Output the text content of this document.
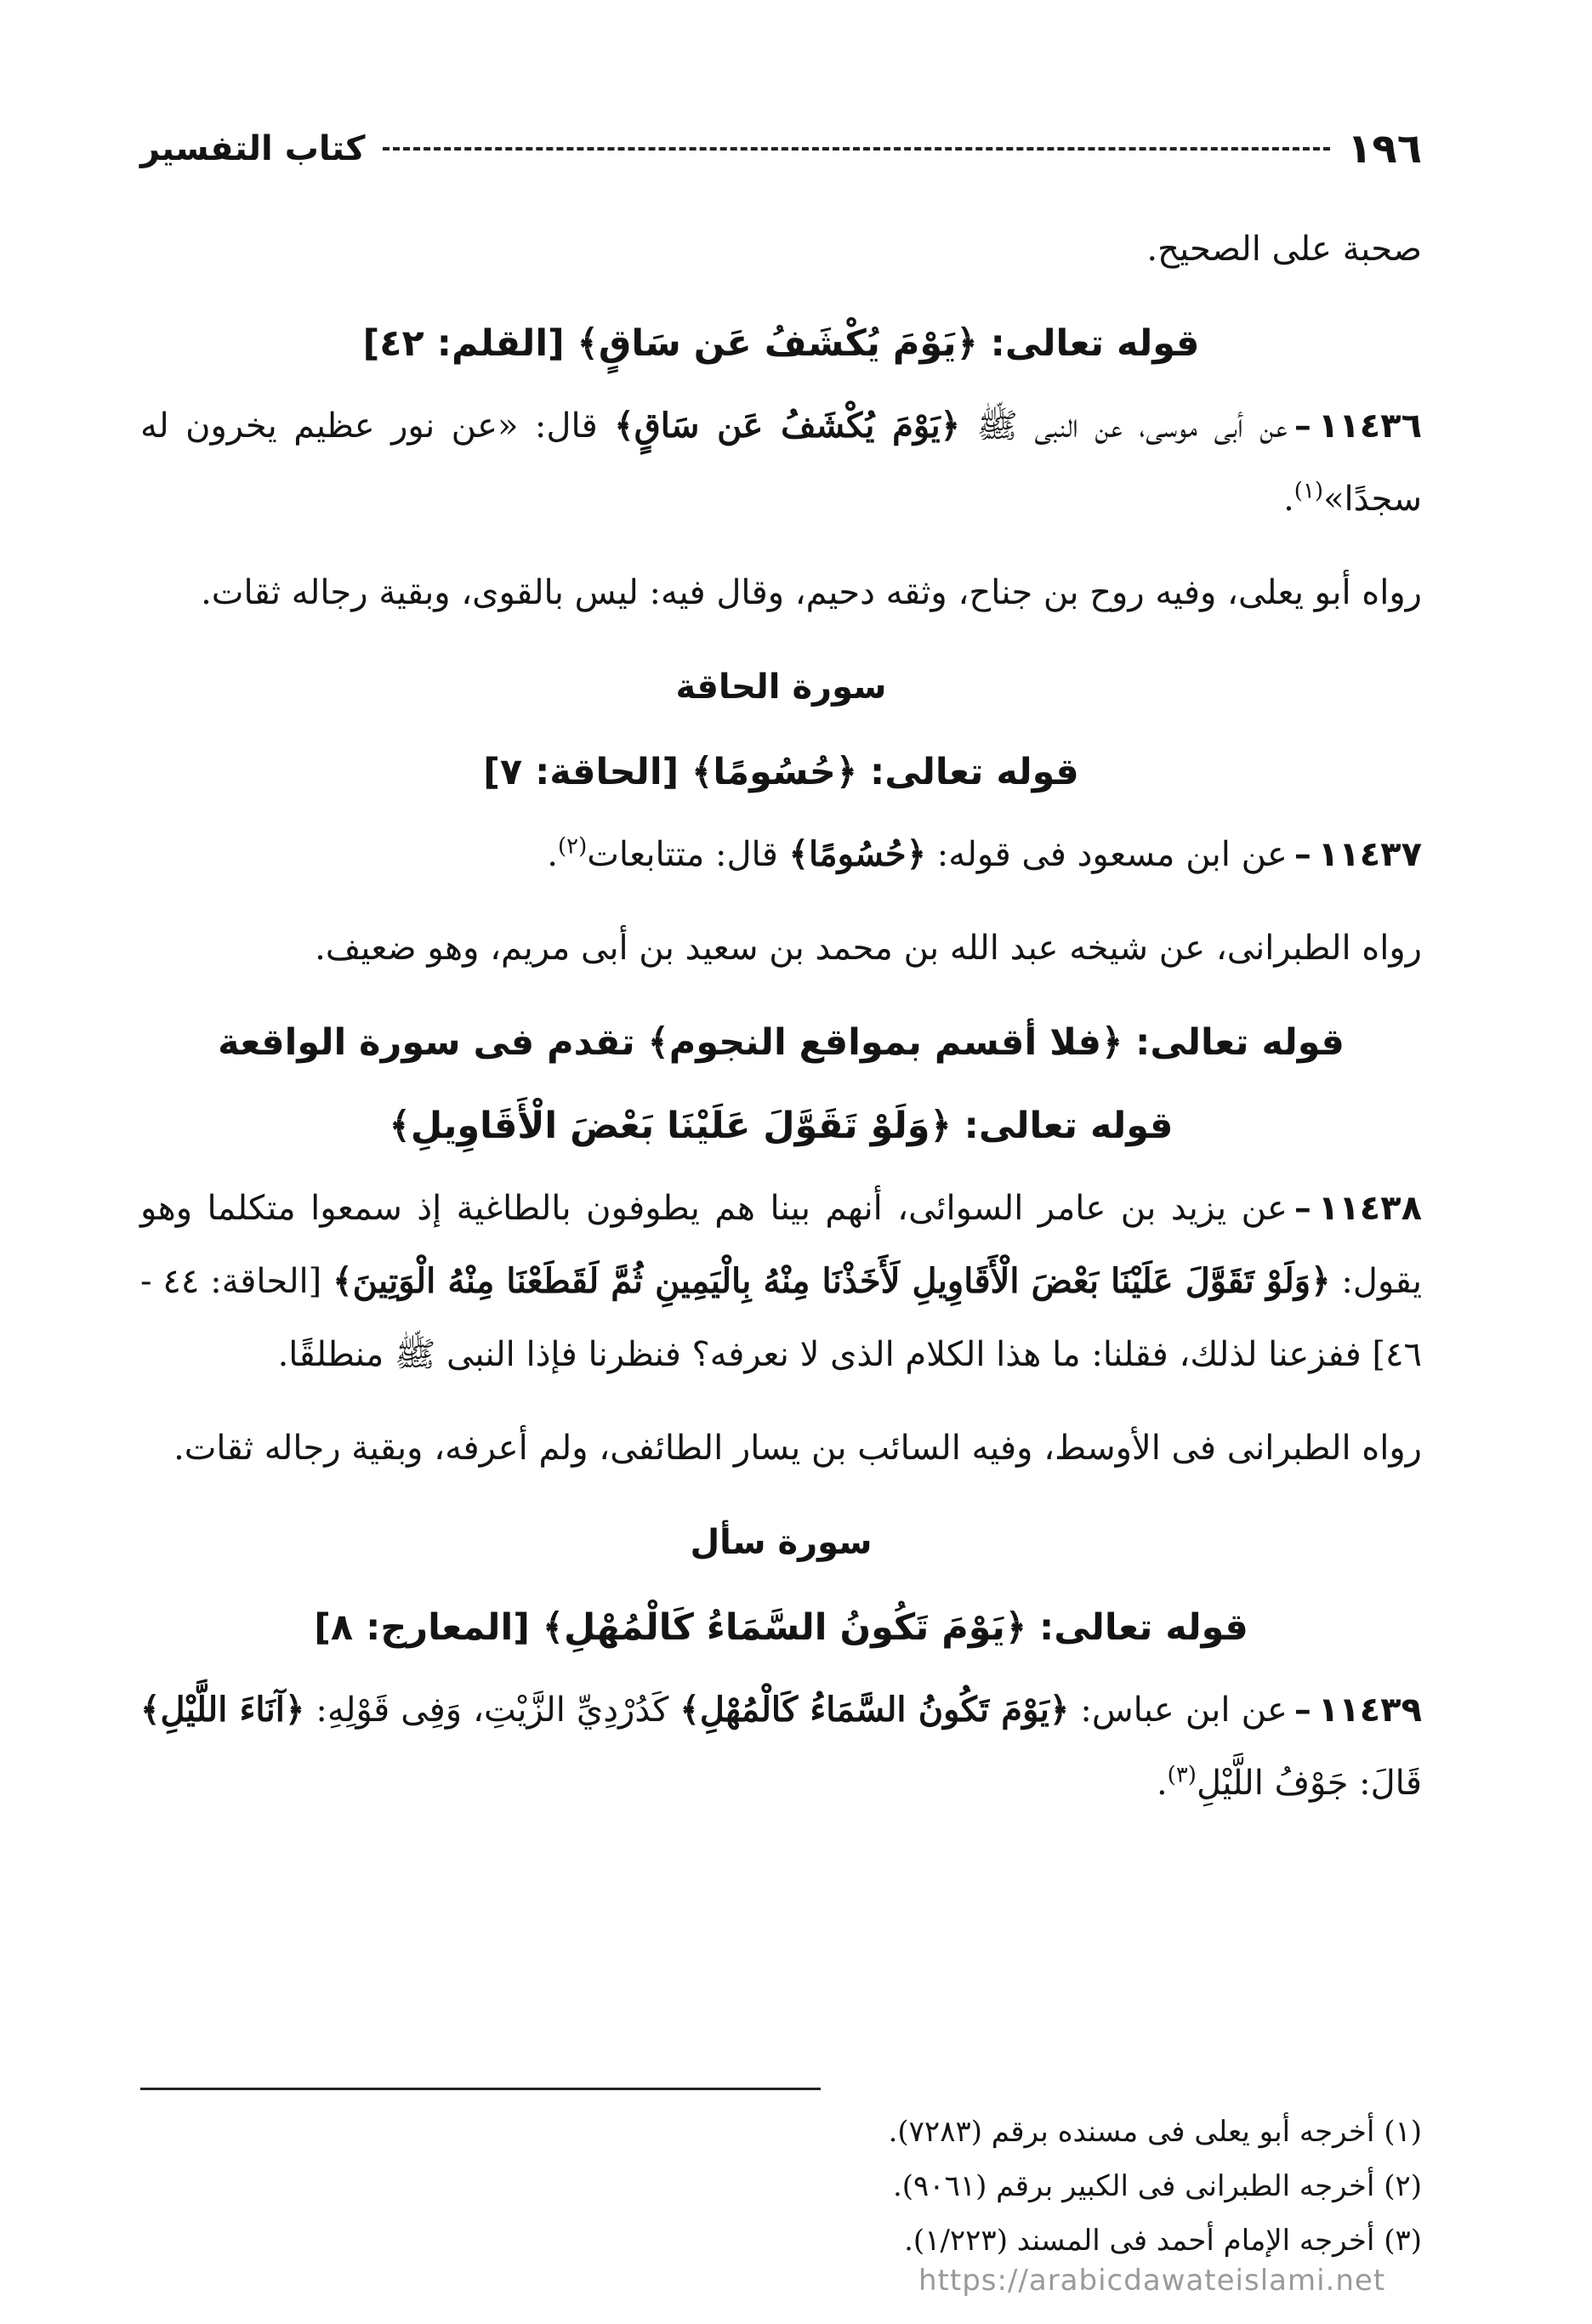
١٩٦
كتاب التفسير

صحبة على الصحيح.

قوله تعالى: ﴿يَوْمَ يُكْشَفُ عَن سَاقٍ﴾ [القلم: ٤٢]

١١٤٣٦–عن أبى موسى، عن النبى ﷺ ﴿يَوْمَ يُكْشَفُ عَن سَاقٍ﴾ قال: «عن نور عظيم يخرون له سجدًا»$^{(١)}$.

رواه أبو يعلى، وفيه روح بن جناح، وثقه دحيم، وقال فيه: ليس بالقوى، وبقية رجاله ثقات.

سورة الحاقة
قوله تعالى: ﴿حُسُومًا﴾ [الحاقة: ٧]

١١٤٣٧–عن ابن مسعود فى قوله: ﴿حُسُومًا﴾ قال: متتابعات$^{(٢)}$.

رواه الطبرانى، عن شيخه عبد الله بن محمد بن سعيد بن أبى مريم، وهو ضعيف.

قوله تعالى: ﴿فلا أقسم بمواقع النجوم﴾ تقدم فى سورة الواقعة
قوله تعالى: ﴿وَلَوْ تَقَوَّلَ عَلَيْنَا بَعْضَ الْأَقَاوِيلِ﴾

١١٤٣٨–عن يزيد بن عامر السوائى، أنهم بينا هم يطوفون بالطاغية إذ سمعوا متكلما وهو يقول: ﴿وَلَوْ تَقَوَّلَ عَلَيْنَا بَعْضَ الْأَقَاوِيلِ لَأَخَذْنَا مِنْهُ بِالْيَمِينِ ثُمَّ لَقَطَعْنَا مِنْهُ الْوَتِينَ﴾ [الحاقة: ٤٤ - ٤٦] ففزعنا لذلك، فقلنا: ما هذا الكلام الذى لا نعرفه؟ فنظرنا فإذا النبى ﷺ منطلقًا.

رواه الطبرانى فى الأوسط، وفيه السائب بن يسار الطائفى، ولم أعرفه، وبقية رجاله ثقات.

سورة سأل
قوله تعالى: ﴿يَوْمَ تَكُونُ السَّمَاءُ كَالْمُهْلِ﴾ [المعارج: ٨]

١١٤٣٩–عن ابن عباس: ﴿يَوْمَ تَكُونُ السَّمَاءُ كَالْمُهْلِ﴾ كَدُرْدِيِّ الزَّيْتِ، وَفِى قَوْلِهِ: ﴿آنَاءَ اللَّيْلِ﴾ قَالَ: جَوْفُ اللَّيْلِ$^{(٣)}$.

(١) أخرجه أبو يعلى فى مسنده برقم (٧٢٨٣).

(٢) أخرجه الطبرانى فى الكبير برقم (٩٠٦١).

(٣) أخرجه الإمام أحمد فى المسند (١/٢٢٣).

https://arabicdawateislami.net
